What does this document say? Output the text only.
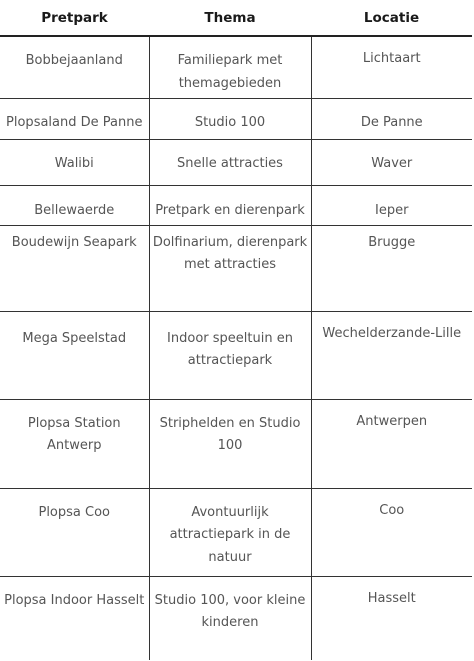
Pretpark	Thema	Locatie
Bobbejaanland	Familiepark met themagebieden	Lichtaart
Plopsaland De Panne	Studio 100	De Panne
Walibi	Snelle attracties	Waver
Bellewaerde	Pretpark en dierenpark	Ieper
Boudewijn Seapark	Dolfinarium, dierenpark met attracties	Brugge
Mega Speelstad	Indoor speeltuin en attractiepark	Wechelderzande-Lille
Plopsa Station Antwerp	Striphelden en Studio 100	Antwerpen
Plopsa Coo	Avontuurlijk attractiepark in de natuur	Coo
Plopsa Indoor Hasselt	Studio 100, voor kleine kinderen	Hasselt
